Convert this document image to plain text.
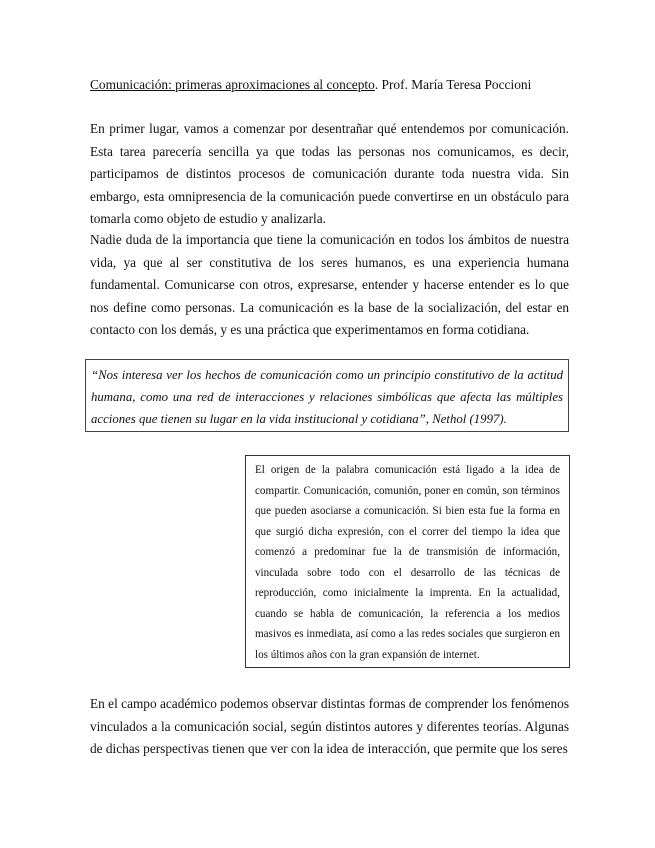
Comunicación: primeras aproximaciones al concepto. Prof. María Teresa Poccioni

En primer lugar, vamos a comenzar por desentrañar qué entendemos por comunicación. Esta tarea parecería sencilla ya que todas las personas nos comunicamos, es decir, participamos de distintos procesos de comunicación durante toda nuestra vida. Sin embargo, esta omnipresencia de la comunicación puede convertirse en un obstáculo para tomarla como objeto de estudio y analizarla.

Nadie duda de la importancia que tiene la comunicación en todos los ámbitos de nuestra vida, ya que al ser constitutiva de los seres humanos, es una experiencia humana fundamental. Comunicarse con otros, expresarse, entender y hacerse entender es lo que nos define como personas. La comunicación es la base de la socialización, del estar en contacto con los demás, y es una práctica que experimentamos en forma cotidiana.

“Nos interesa ver los hechos de comunicación como un principio constitutivo de la actitud humana, como una red de interacciones y relaciones simbólicas que afecta las múltiples acciones que tienen su lugar en la vida institucional y cotidiana”, Nethol (1997).

El origen de la palabra comunicación está ligado a la idea de compartir. Comunicación, comunión, poner en común, son términos que pueden asociarse a comunicación. Si bien esta fue la forma en que surgió dicha expresión, con el correr del tiempo la idea que comenzó a predominar fue la de transmisión de información, vinculada sobre todo con el desarrollo de las técnicas de reproducción, como inicialmente la imprenta. En la actualidad, cuando se habla de comunicación, la referencia a los medios masivos es inmediata, así como a las redes sociales que surgieron en los últimos años con la gran expansión de internet.

En el campo académico podemos observar distintas formas de comprender los fenómenos vinculados a la comunicación social, según distintos autores y diferentes teorías. Algunas de dichas perspectivas tienen que ver con la idea de interacción, que permite que los seres
